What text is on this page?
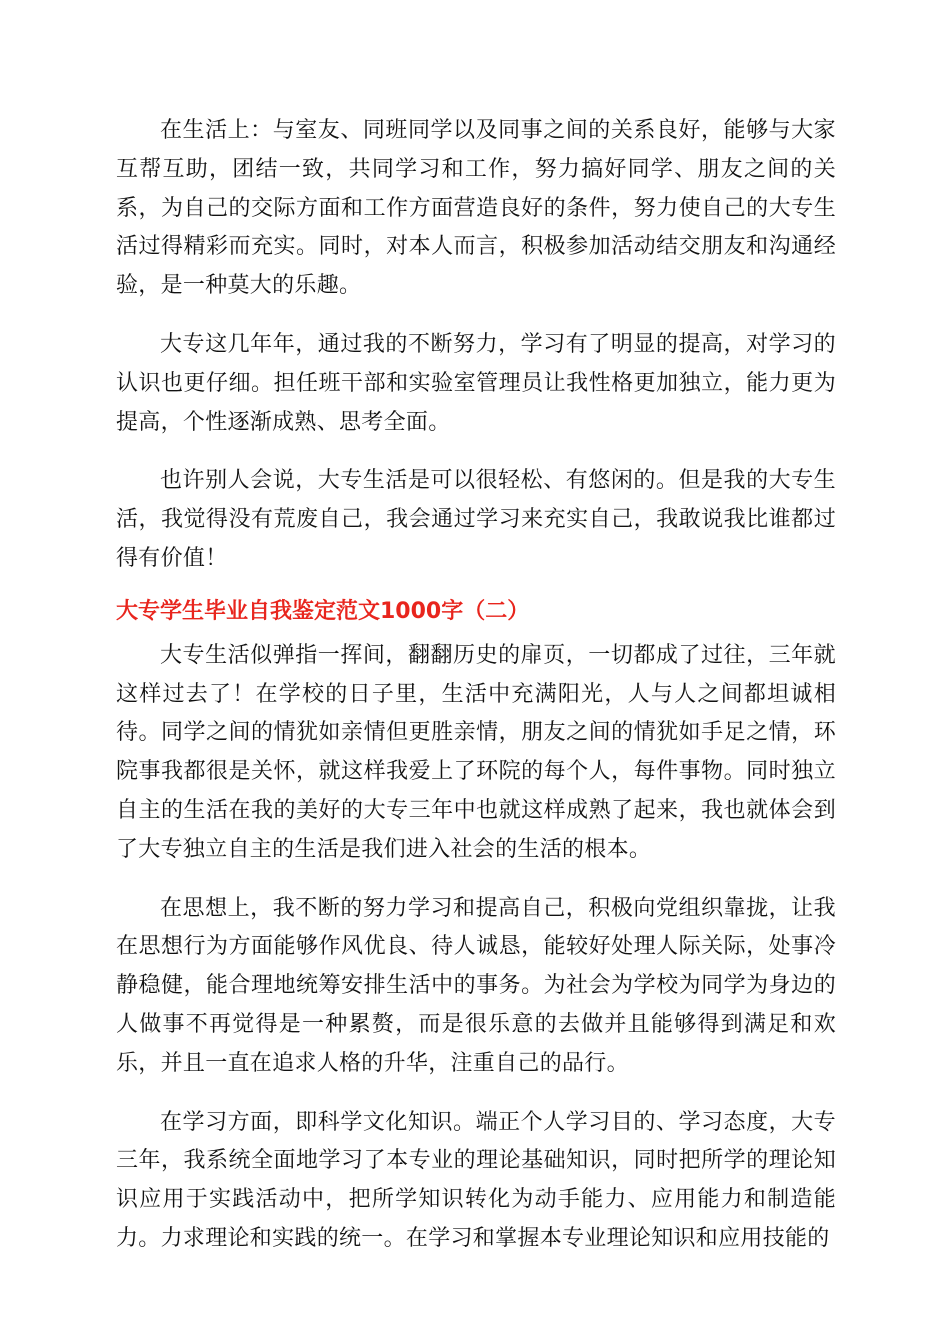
在生活上：与室友、同班同学以及同事之间的关系良好，能够与大家互帮互助，团结一致，共同学习和工作，努力搞好同学、朋友之间的关系，为自己的交际方面和工作方面营造良好的条件，努力使自己的大专生活过得精彩而充实。同时，对本人而言，积极参加活动结交朋友和沟通经验，是一种莫大的乐趣。

大专这几年年，通过我的不断努力，学习有了明显的提高，对学习的认识也更仔细。担任班干部和实验室管理员让我性格更加独立，能力更为提高，个性逐渐成熟、思考全面。

也许别人会说，大专生活是可以很轻松、有悠闲的。但是我的大专生活，我觉得没有荒废自己，我会通过学习来充实自己，我敢说我比谁都过得有价值！

大专学生毕业自我鉴定范文1000字（二）

大专生活似弹指一挥间，翻翻历史的扉页，一切都成了过往，三年就这样过去了！在学校的日子里，生活中充满阳光，人与人之间都坦诚相待。同学之间的情犹如亲情但更胜亲情，朋友之间的情犹如手足之情，环院事我都很是关怀，就这样我爱上了环院的每个人，每件事物。同时独立自主的生活在我的美好的大专三年中也就这样成熟了起来，我也就体会到了大专独立自主的生活是我们进入社会的生活的根本。

在思想上，我不断的努力学习和提高自己，积极向党组织靠拢，让我在思想行为方面能够作风优良、待人诚恳，能较好处理人际关际，处事冷静稳健，能合理地统筹安排生活中的事务。为社会为学校为同学为身边的人做事不再觉得是一种累赘，而是很乐意的去做并且能够得到满足和欢乐，并且一直在追求人格的升华，注重自己的品行。

在学习方面，即科学文化知识。端正个人学习目的、学习态度，大专三年，我系统全面地学习了本专业的理论基础知识，同时把所学的理论知识应用于实践活动中，把所学知识转化为动手能力、应用能力和制造能力。力求理论和实践的统一。在学习和掌握本专业理论知识和应用技能的
